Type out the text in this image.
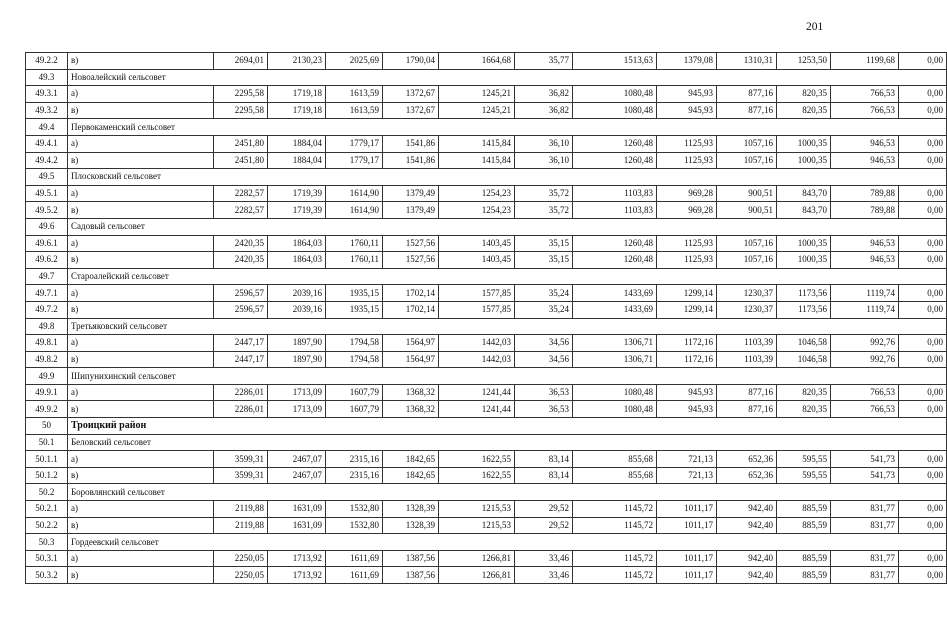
201
49.2.2	в)	2694,01	2130,23	2025,69	1790,04	1664,68	35,77	1513,63	1379,08	1310,31	1253,50	1199,68	0,00
49.3	Новоалейский сельсовет												
49.3.1	а)	2295,58	1719,18	1613,59	1372,67	1245,21	36,82	1080,48	945,93	877,16	820,35	766,53	0,00
49.3.2	в)	2295,58	1719,18	1613,59	1372,67	1245,21	36,82	1080,48	945,93	877,16	820,35	766,53	0,00
49.4	Первокаменский сельсовет												
49.4.1	а)	2451,80	1884,04	1779,17	1541,86	1415,84	36,10	1260,48	1125,93	1057,16	1000,35	946,53	0,00
49.4.2	в)	2451,80	1884,04	1779,17	1541,86	1415,84	36,10	1260,48	1125,93	1057,16	1000,35	946,53	0,00
49.5	Плосковский сельсовет												
49.5.1	а)	2282,57	1719,39	1614,90	1379,49	1254,23	35,72	1103,83	969,28	900,51	843,70	789,88	0,00
49.5.2	в)	2282,57	1719,39	1614,90	1379,49	1254,23	35,72	1103,83	969,28	900,51	843,70	789,88	0,00
49.6	Садовый сельсовет												
49.6.1	а)	2420,35	1864,03	1760,11	1527,56	1403,45	35,15	1260,48	1125,93	1057,16	1000,35	946,53	0,00
49.6.2	в)	2420,35	1864,03	1760,11	1527,56	1403,45	35,15	1260,48	1125,93	1057,16	1000,35	946,53	0,00
49.7	Староалейский сельсовет												
49.7.1	а)	2596,57	2039,16	1935,15	1702,14	1577,85	35,24	1433,69	1299,14	1230,37	1173,56	1119,74	0,00
49.7.2	в)	2596,57	2039,16	1935,15	1702,14	1577,85	35,24	1433,69	1299,14	1230,37	1173,56	1119,74	0,00
49.8	Третьяковский сельсовет												
49.8.1	а)	2447,17	1897,90	1794,58	1564,97	1442,03	34,56	1306,71	1172,16	1103,39	1046,58	992,76	0,00
49.8.2	в)	2447,17	1897,90	1794,58	1564,97	1442,03	34,56	1306,71	1172,16	1103,39	1046,58	992,76	0,00
49.9	Шипунихинский сельсовет												
49.9.1	а)	2286,01	1713,09	1607,79	1368,32	1241,44	36,53	1080,48	945,93	877,16	820,35	766,53	0,00
49.9.2	в)	2286,01	1713,09	1607,79	1368,32	1241,44	36,53	1080,48	945,93	877,16	820,35	766,53	0,00
50	Троицкий район												
50.1	Беловский сельсовет												
50.1.1	а)	3599,31	2467,07	2315,16	1842,65	1622,55	83,14	855,68	721,13	652,36	595,55	541,73	0,00
50.1.2	в)	3599,31	2467,07	2315,16	1842,65	1622,55	83,14	855,68	721,13	652,36	595,55	541,73	0,00
50.2	Боровлянский сельсовет												
50.2.1	а)	2119,88	1631,09	1532,80	1328,39	1215,53	29,52	1145,72	1011,17	942,40	885,59	831,77	0,00
50.2.2	в)	2119,88	1631,09	1532,80	1328,39	1215,53	29,52	1145,72	1011,17	942,40	885,59	831,77	0,00
50.3	Гордеевский сельсовет												
50.3.1	а)	2250,05	1713,92	1611,69	1387,56	1266,81	33,46	1145,72	1011,17	942,40	885,59	831,77	0,00
50.3.2	в)	2250,05	1713,92	1611,69	1387,56	1266,81	33,46	1145,72	1011,17	942,40	885,59	831,77	0,00
